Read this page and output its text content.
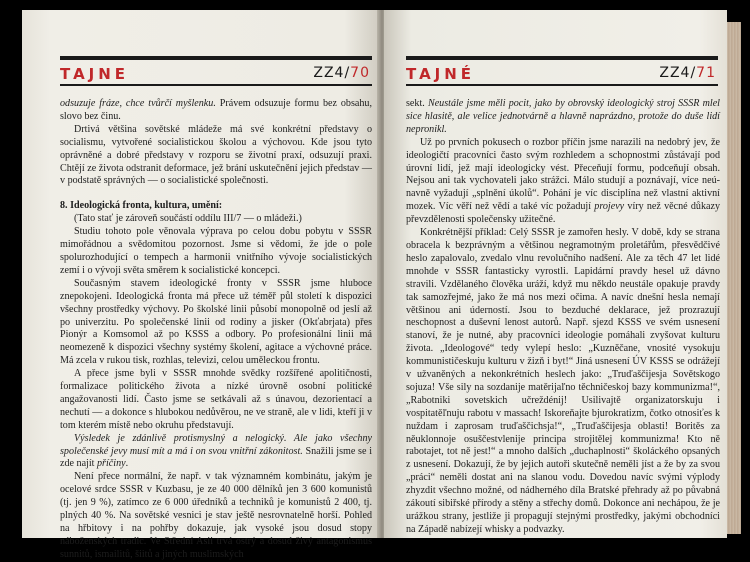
TAJNE	ZZ4/70

odsuzuje fráze, chce tvůrčí myšlenku. Právem odsuzuje formu bez obsahu, slovo bez činu.

Drtivá většina sovětské mládeže má své konkrétní představy o socialismu, vytvořené socialistickou školou a výchovou. Kde jsou tyto oprávněné a dobré představy v rozporu se životní praxí, odsuzují praxi. Chtějí ze života odstranit deformace, jež brání uskutečnění jejich představ — v podstatě správných — o socialistické společnosti.

8. Ideologická fronta, kultura, umění:

(Tato stať je zároveň součástí oddílu III/7 — o mládeži.)

Studiu tohoto pole věnovala výprava po celou dobu pobytu v SSSR mimořádnou a svědomitou pozornost. Jsme si vědomi, že jde o pole spolurozhodující o tempech a harmonii vnitřního vývoje socialistických zemí i o vývoji světa směrem k socialistické koncepci.

Současným stavem ideologické fronty v SSSR jsme hluboce znepokojeni. Ideologická fronta má přece už téměř půl století k dispozici všechny prostředky výchovy. Po školské linii působí monopolně od jeslí až po univerzitu. Po společenské linii od rodiny a jisker (Okťabrjata) přes Pionýr a Komsomol až po KSSS a odbory. Po profesionální linii má neomezeně k dispozici všechny systémy školení, agitace a výchovné práce. Má zcela v rukou tisk, rozhlas, televizi, celou uměleckou frontu.

A přece jsme byli v SSSR mnohde svědky rozšířené apolitičnosti, formalizace politického života a nízké úrovně osobní politické angažovanosti lidí. Často jsme se setkávali až s únavou, dezorientací a nechutí — a dokonce s hlubokou nedůvěrou, ne ve straně, ale v lidi, kteří ji v tom kterém místě nebo okruhu představují.

Výsledek je zdánlivě protismyslný a nelogický. Ale jako všechny společenské jevy musí mít a má i on svou vnitřní zákonitost. Snažili jsme se i zde najít příčiny.

Není přece normální, že např. v tak významném kombinátu, jakým je ocelové srdce SSSR v Kuzbasu, je ze 40 000 dělníků jen 3 600 komunistů (tj. jen 9 %), zatímco ze 6 000 úředníků a techniků je komunistů 2 400, tj. plných 40 %. Na sovětské vesnici je stav ještě nesrovnatelně horší. Pohled na hřbitovy i na pohřby dokazuje, jak vysoké jsou dosud stopy náboženských tradic. Ve Střední Asii trvá ostrý a dosud živý antagonismus sunnitů, ismailitů, šiitů a jiných muslimských

TAJNÉ	ZZ4/71

sekt. Neustále jsme měli pocit, jako by obrovský ideologický stroj SSSR mlel sice hlasitě, ale velice jednotvárně a hlavně naprázdno, protože do duše lidí nepronikl.

Už po prvních pokusech o rozbor příčin jsme narazili na nedobrý jev, že ideologičtí pracovníci často svým rozhledem a schopnostmi zůstávají pod úrovní lidí, jež mají ideologicky vést. Přeceňují formu, podceňují obsah. Nejsou ani tak vychovateli jako strážci. Málo studují a poznávají, více neúnavně vyžadují „splnění úkolů“. Pohání je víc disciplína než vlastní aktivní mozek. Víc věří než vědí a také víc požadují projevy víry než věcné důkazy převzdělenosti společensky užitečné.

Konkrétnější příklad: Celý SSSR je zamořen hesly. V době, kdy se strana obracela k bezprávným a většinou negramotným proletářům, přesvědčivé heslo zapalovalo, zvedalo vlnu revolučního nadšení. Ale za těch 47 let lidé mnohde v SSSR fantasticky vyrostli. Lapidární pravdy hesel už dávno stravili. Vzdělaného člověka uráží, když mu někdo neustále opakuje pravdy tak samozřejmé, jako že má nos mezi očima. A navíc dnešní hesla nemají většinou ani úderností. Jsou to bezduché deklarace, jež prozrazují neschopnost a duševní lenost autorů. Např. sjezd KSSS ve svém usnesení stanoví, že je nutné, aby pracovníci ideologie pomáhali zvyšovat kulturu života. „Ideologové“ tedy vylepí heslo: „Kuzněčane, vnosité vysokuju kommunističeskuju kulturu v žizň i byt!“ Jiná usnesení ÚV KSSS se odrážejí v užvaněných a nekonkrétních heslech jako: „Truďaščijesja Sovětskogo sojuza! Vše sily na sozdanije matěrijaľno těchničeskoj bazy kommunizma!“, „Rabotniki sovetskich učreždénij! Usilivajtě organizatorskuju i vospitatěľnuju rabotu v massach! Iskoreňajte bjurokratizm, čotko otnosiťes k nuždam i zaprosam truďaščichsja!“, „Truďaščijesja oblasti! Boritěs za něuklonnoje osuščestvlenije principa strojitělej kommunizma! Kto ně rabotajet, tot ně jest!“ a mnoho dalších „duchaplnosti“ školáckého opsaných z usnesení. Dokazují, že by jejich autoři skutečně neměli jíst a že by za svou „práci“ neměli dostat ani na slanou vodu. Dovedou navíc svými výplody zhyzdit všechno možné, od nádherného díla Bratské přehrady až po půvabná zákoutí sibiřské přírody a stěny a střechy domů. Dokonce ani nechápou, že je urážkou strany, jestliže ji propagují stejnými prostředky, jakými obchodníci na Západě nabízejí whisky a podvazky.
